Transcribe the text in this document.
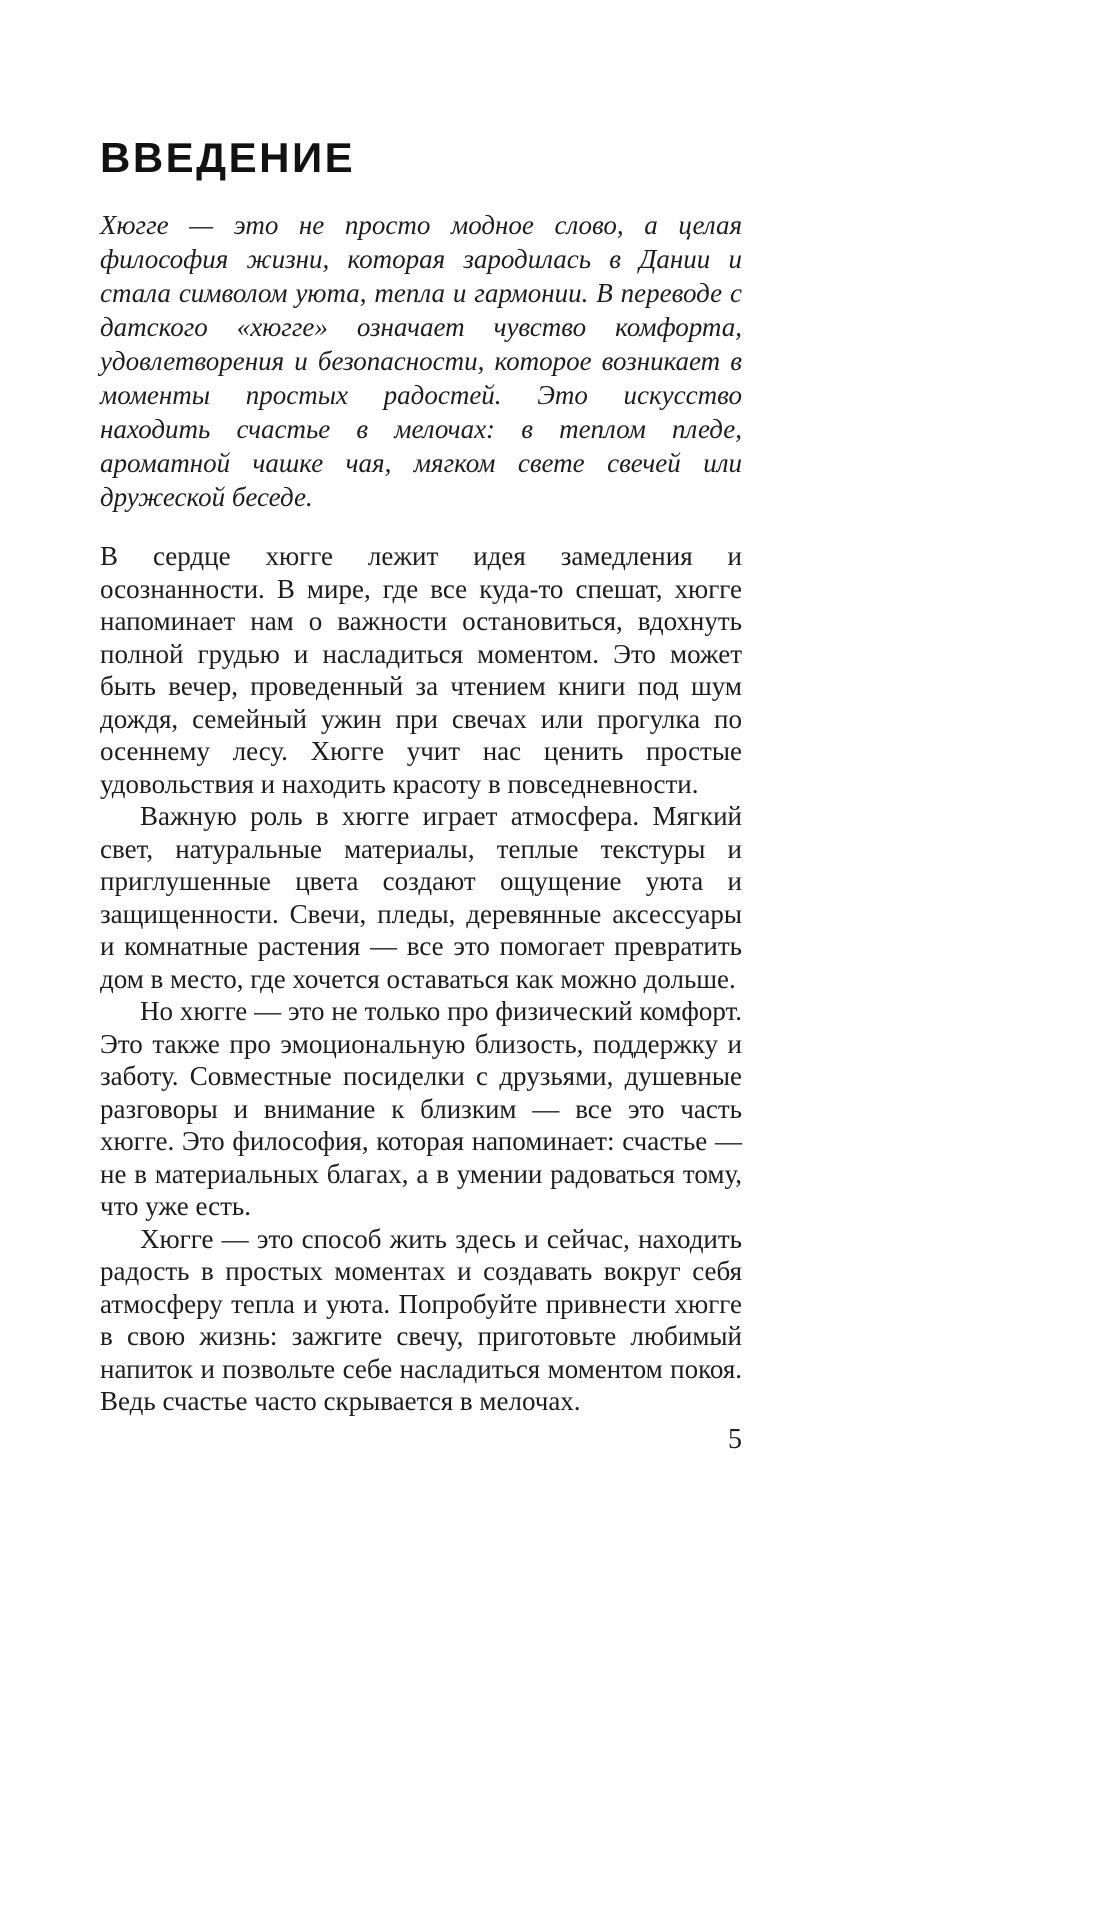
ВВЕДЕНИЕ
Хюгге — это не просто модное слово, а целая философия жизни, которая зародилась в Дании и стала символом уюта, тепла и гармонии. В переводе с датского «хюгге» означает чувство комфорта, удовлетворения и безопасности, которое возникает в моменты простых радостей. Это искусство находить счастье в мелочах: в теплом пледе, ароматной чашке чая, мягком свете свечей или дружеской беседе.

В сердце хюгге лежит идея замедления и осознанности. В мире, где все куда-то спешат, хюгге напоминает нам о важности остановиться, вдохнуть полной грудью и насладиться моментом. Это может быть вечер, проведенный за чтением книги под шум дождя, семейный ужин при свечах или прогулка по осеннему лесу. Хюгге учит нас ценить простые удовольствия и находить красоту в повседневности.

Важную роль в хюгге играет атмосфера. Мягкий свет, натуральные материалы, теплые текстуры и приглушенные цвета создают ощущение уюта и защищенности. Свечи, пледы, деревянные аксессуары и комнатные растения — все это помогает превратить дом в место, где хочется оставаться как можно дольше.

Но хюгге — это не только про физический комфорт. Это также про эмоциональную близость, поддержку и заботу. Совместные посиделки с друзьями, душевные разговоры и внимание к близким — все это часть хюгге. Это философия, которая напоминает: счастье — не в материальных благах, а в умении радоваться тому, что уже есть.

Хюгге — это способ жить здесь и сейчас, находить радость в простых моментах и создавать вокруг себя атмосферу тепла и уюта. Попробуйте привнести хюгге в свою жизнь: зажгите свечу, приготовьте любимый напиток и позвольте себе насладиться моментом покоя. Ведь счастье часто скрывается в мелочах.

5
